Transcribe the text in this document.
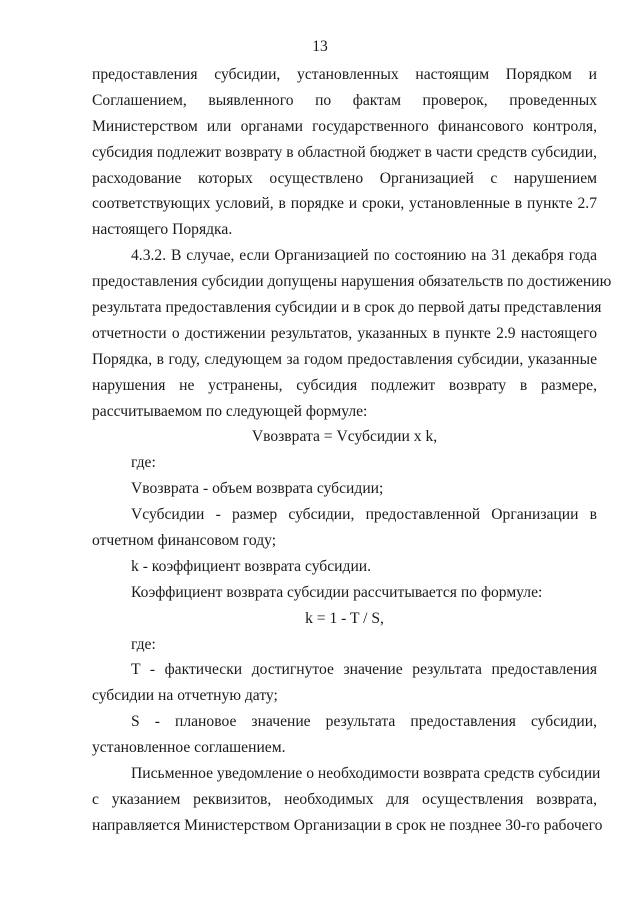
13
предоставления субсидии, установленных настоящим Порядком и
Соглашением, выявленного по фактам проверок, проведенных
Министерством или органами государственного финансового контроля,
субсидия подлежит возврату в областной бюджет в части средств субсидии,
расходование которых осуществлено Организацией с нарушением
соответствующих условий, в порядке и сроки, установленные в пункте 2.7
настоящего Порядка.
4.3.2. В случае, если Организацией по состоянию на 31 декабря года
предоставления субсидии допущены нарушения обязательств по достижению
результата предоставления субсидии и в срок до первой даты представления
отчетности о достижении результатов, указанных в пункте 2.9 настоящего
Порядка, в году, следующем за годом предоставления субсидии, указанные
нарушения не устранены, субсидия подлежит возврату в размере,
рассчитываемом по следующей формуле:
Vвозврата = Vсубсидии x k,
где:
Vвозврата - объем возврата субсидии;
Vсубсидии - размер субсидии, предоставленной Организации в
отчетном финансовом году;
k - коэффициент возврата субсидии.
Коэффициент возврата субсидии рассчитывается по формуле:
k = 1 - T / S,
где:
T - фактически достигнутое значение результата предоставления
субсидии на отчетную дату;
S - плановое значение результата предоставления субсидии,
установленное соглашением.
Письменное уведомление о необходимости возврата средств субсидии
с указанием реквизитов, необходимых для осуществления возврата,
направляется Министерством Организации в срок не позднее 30-го рабочего
